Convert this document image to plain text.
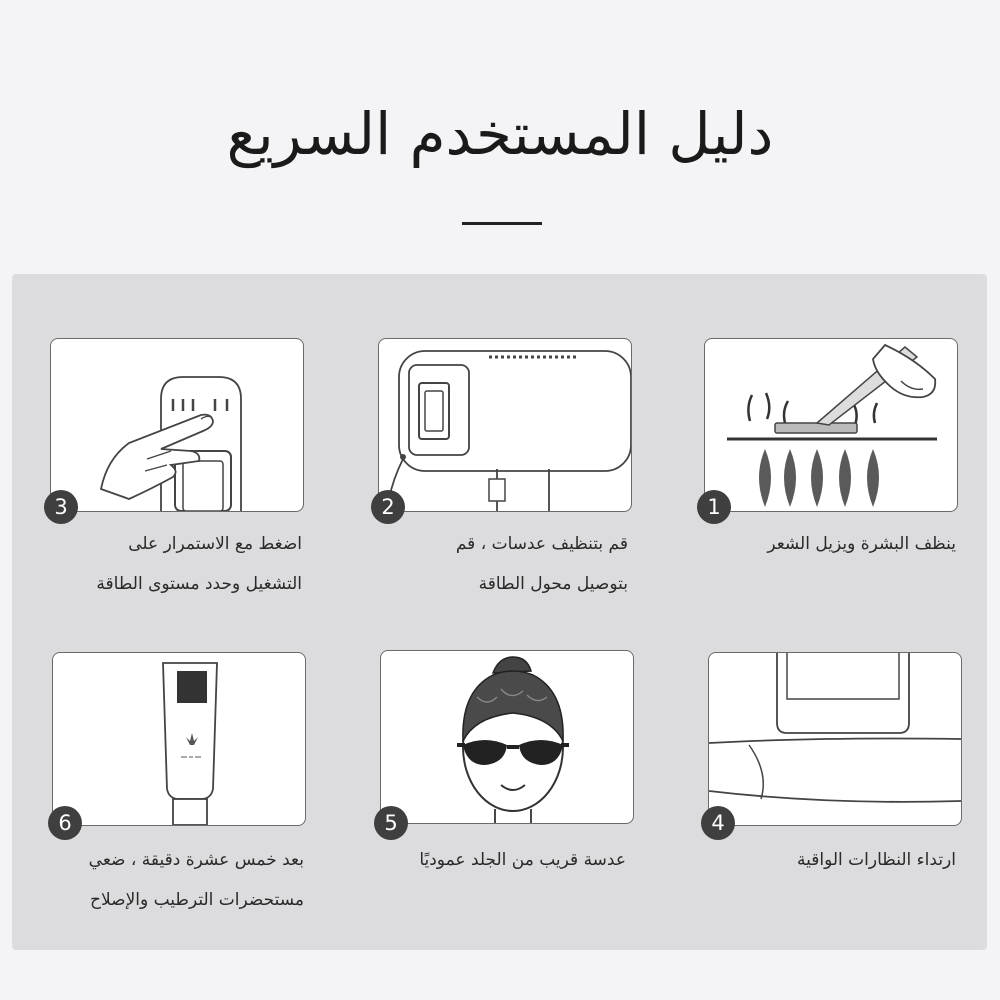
دليل المستخدم السريع
1
ينظف البشرة ويزيل الشعر
2
قم بتنظيف عدسات ، قم
بتوصيل محول الطاقة
3
اضغط مع الاستمرار على
التشغيل وحدد مستوى الطاقة
4
ارتداء النظارات الواقية
5
عدسة قريب من الجلد عموديًا
6
بعد خمس عشرة دقيقة ، ضعي
مستحضرات الترطيب والإصلاح
